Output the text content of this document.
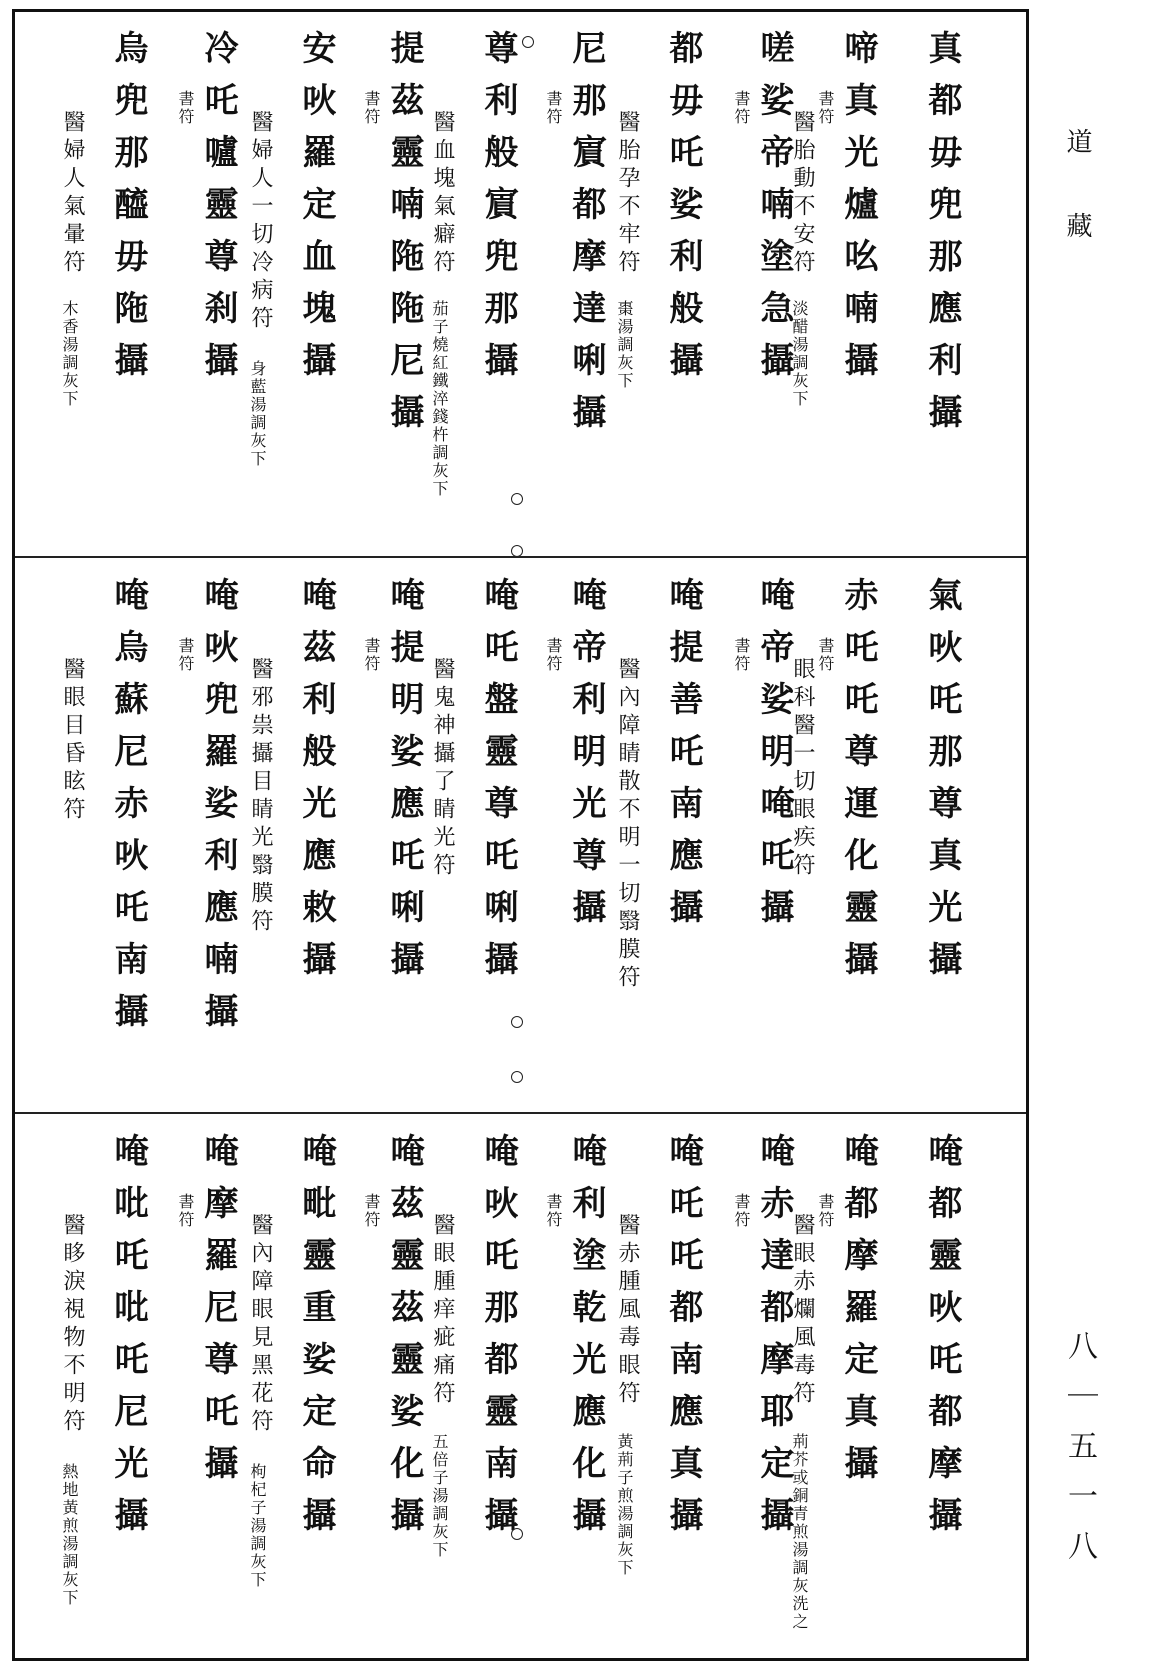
道藏
八｜五一八
真都毋兜那應利攝
啼真光爐吆喃攝
書符
醫胎動不安符
淡醋湯調灰下
嗟娑帝喃塗急攝
書符
都毋吒娑利般攝
醫胎孕不牢符
棗湯調灰下
尼那賔都摩達唎攝
書符
尊利般賔兜那攝
醫血塊氣癖符
茄子燒紅鐵淬錢杵調灰下
提茲靈喃陁陁尼攝
書符
安吙羅定血塊攝
醫婦人一切冷病符
身藍湯調灰下
冷吒嚧靈尊刹攝
書符
烏兜那醯毋陁攝
醫婦人氣暈符
木香湯調灰下
氣吙吒那尊真光攝
赤吒吒尊運化靈攝
書符
眼科醫一切眼疾符
唵帝娑明唵吒攝
書符
唵提善吒南應攝
醫內障睛散不明一切翳膜符
唵帝利明光尊攝
書符
唵吒盤靈尊吒唎攝
醫鬼神攝了睛光符
唵提明娑應吒唎攝
書符
唵茲利般光應敕攝
醫邪祟攝目睛光翳膜符
唵吙兜羅娑利應喃攝
書符
唵烏蘇尼赤吙吒南攝
醫眼目昏眩符
唵都靈吙吒都摩攝
唵都摩羅定真攝
書符
醫眼赤爛風毒符
荊芥或銅青煎湯調灰洗之
唵赤達都摩耶定攝
書符
唵吒吒都南應真攝
醫赤腫風毒眼符
黃荊子煎湯調灰下
唵利塗乾光應化攝
書符
唵吙吒那都靈南攝
醫眼腫痒疵痛符
五倍子湯調灰下
唵茲靈茲靈娑化攝
書符
唵毗靈重娑定命攝
醫內障眼見黑花符
枸杞子湯調灰下
唵摩羅尼尊吒攝
書符
唵吡吒吡吒尼光攝
醫眵淚視物不明符
熱地黃煎湯調灰下
